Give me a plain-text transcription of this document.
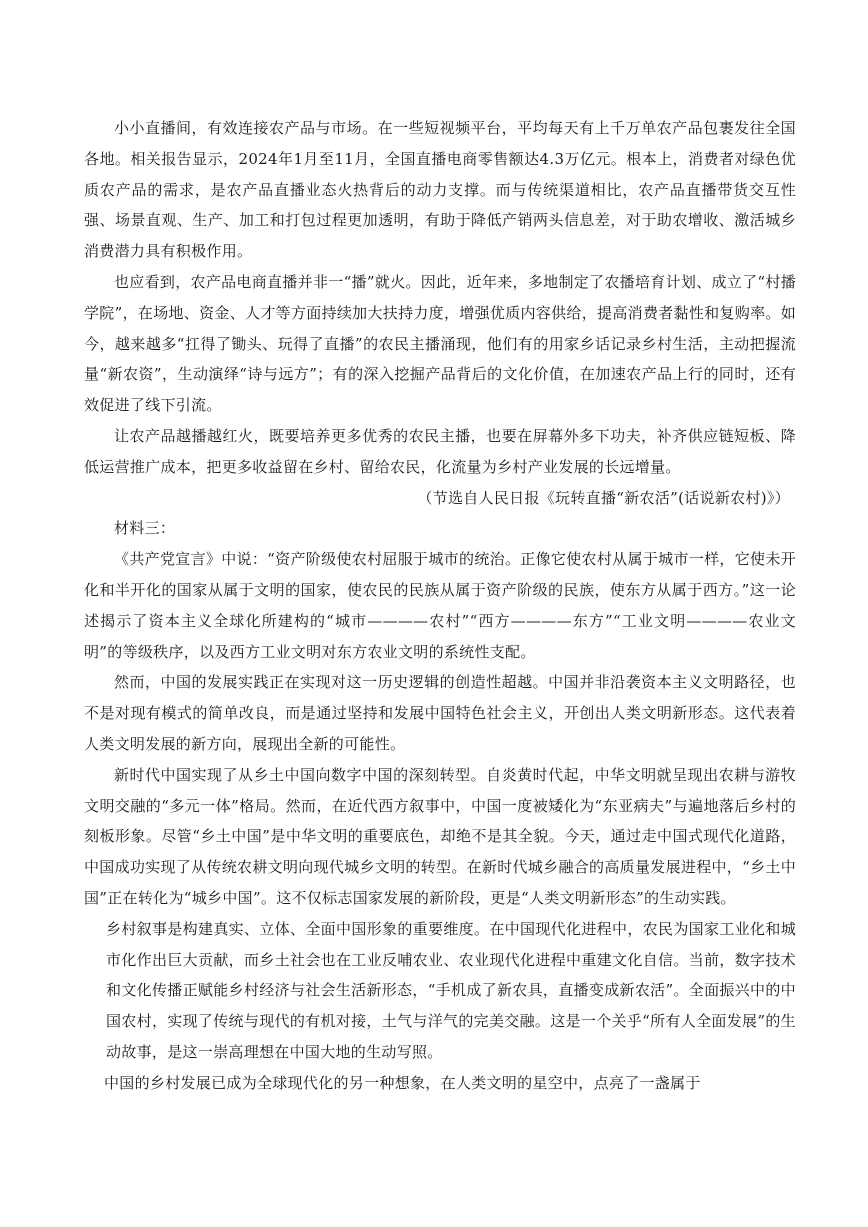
小小直播间，有效连接农产品与市场。在一些短视频平台，平均每天有上千万单农产品包裹发往全国各地。相关报告显示，2024年1月至11月，全国直播电商零售额达4.3万亿元。根本上，消费者对绿色优质农产品的需求，是农产品直播业态火热背后的动力支撑。而与传统渠道相比，农产品直播带货交互性强、场景直观、生产、加工和打包过程更加透明，有助于降低产销两头信息差，对于助农增收、激活城乡消费潜力具有积极作用。

也应看到，农产品电商直播并非一“播”就火。因此，近年来，多地制定了农播培育计划、成立了“村播学院”，在场地、资金、人才等方面持续加大扶持力度，增强优质内容供给，提高消费者黏性和复购率。如今，越来越多“扛得了锄头、玩得了直播”的农民主播涌现，他们有的用家乡话记录乡村生活，主动把握流量“新农资”，生动演绎“诗与远方”；有的深入挖掘产品背后的文化价值，在加速农产品上行的同时，还有效促进了线下引流。

让农产品越播越红火，既要培养更多优秀的农民主播，也要在屏幕外多下功夫，补齐供应链短板、降低运营推广成本，把更多收益留在乡村、留给农民，化流量为乡村产业发展的长远增量。

（节选自人民日报《玩转直播“新农活”(话说新农村)》）

材料三：

《共产党宣言》中说：“资产阶级使农村屈服于城市的统治。正像它使农村从属于城市一样，它使未开化和半开化的国家从属于文明的国家，使农民的民族从属于资产阶级的民族，使东方从属于西方。”这一论述揭示了资本主义全球化所建构的“城市————农村”“西方————东方”“工业文明————农业文明”的等级秩序，以及西方工业文明对东方农业文明的系统性支配。

然而，中国的发展实践正在实现对这一历史逻辑的创造性超越。中国并非沿袭资本主义文明路径，也不是对现有模式的简单改良，而是通过坚持和发展中国特色社会主义，开创出人类文明新形态。这代表着人类文明发展的新方向，展现出全新的可能性。

新时代中国实现了从乡土中国向数字中国的深刻转型。自炎黄时代起，中华文明就呈现出农耕与游牧文明交融的“多元一体”格局。然而，在近代西方叙事中，中国一度被矮化为“东亚病夫”与遍地落后乡村的刻板形象。尽管“乡土中国”是中华文明的重要底色，却绝不是其全貌。今天，通过走中国式现代化道路，中国成功实现了从传统农耕文明向现代城乡文明的转型。在新时代城乡融合的高质量发展进程中，“乡土中国”正在转化为“城乡中国”。这不仅标志国家发展的新阶段，更是“人类文明新形态”的生动实践。

乡村叙事是构建真实、立体、全面中国形象的重要维度。在中国现代化进程中，农民为国家工业化和城市化作出巨大贡献，而乡土社会也在工业反哺农业、农业现代化进程中重建文化自信。当前，数字技术和文化传播正赋能乡村经济与社会生活新形态，“手机成了新农具，直播变成新农活”。全面振兴中的中国农村，实现了传统与现代的有机对接，土气与洋气的完美交融。这是一个关乎“所有人全面发展”的生动故事，是这一崇高理想在中国大地的生动写照。

中国的乡村发展已成为全球现代化的另一种想象，在人类文明的星空中，点亮了一盏属于
